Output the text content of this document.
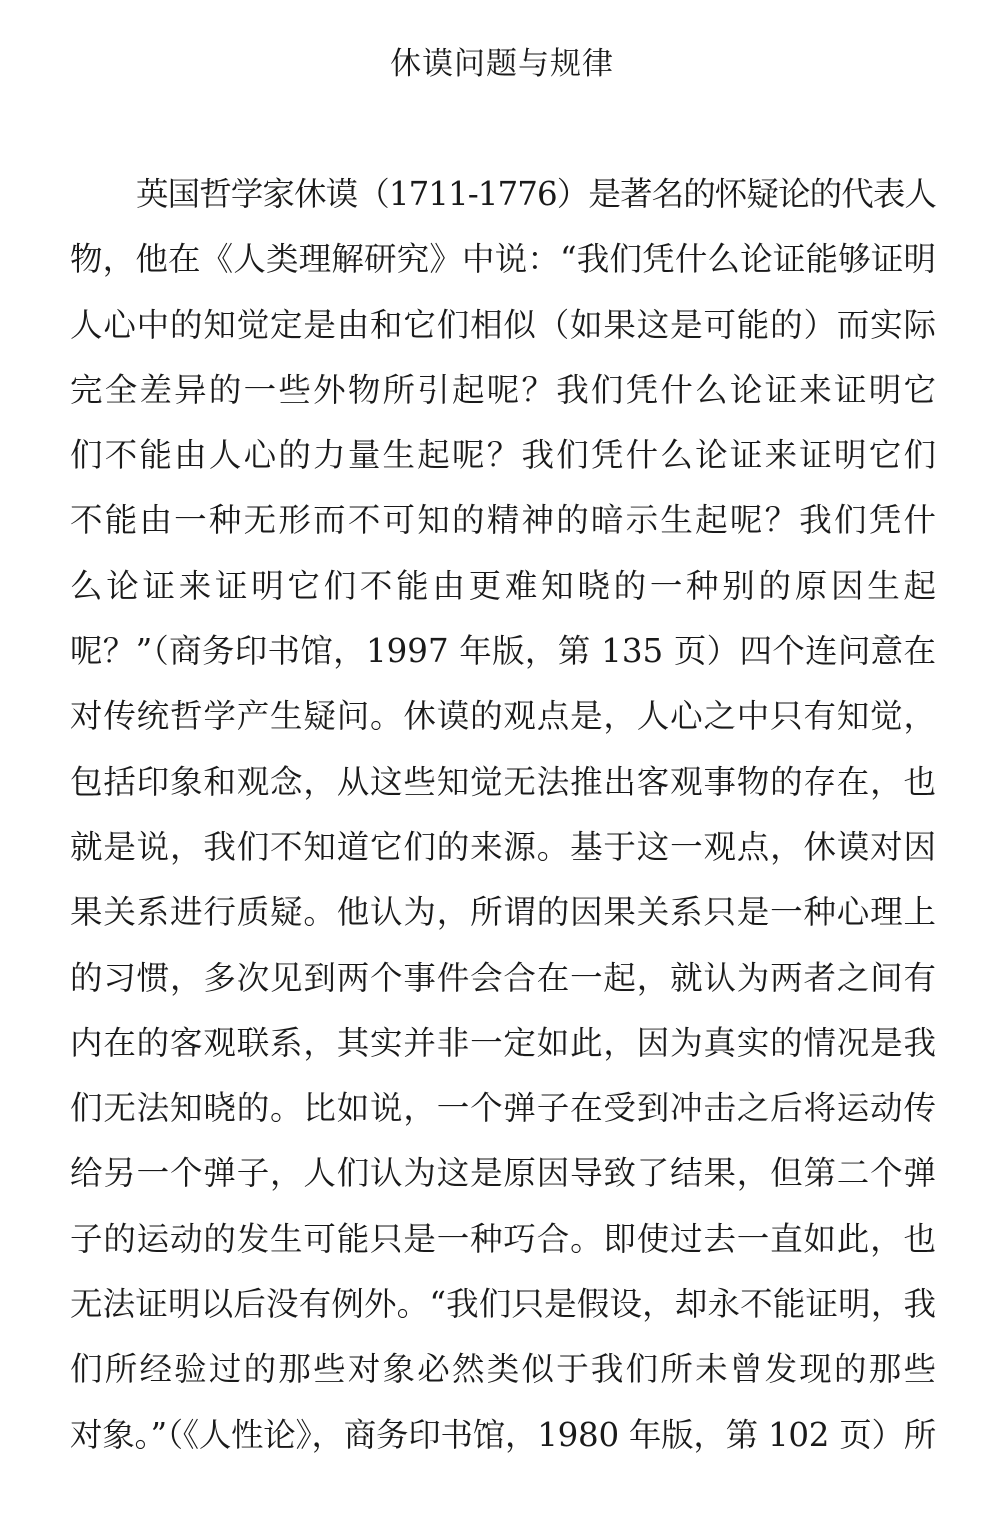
休谟问题与规律
英国哲学家休谟（1711-1776）是著名的怀疑论的代表人
物，他在《人类理解研究》中说：“我们凭什么论证能够证明
人心中的知觉定是由和它们相似（如果这是可能的）而实际
完全差异的一些外物所引起呢？我们凭什么论证来证明它
们不能由人心的力量生起呢？我们凭什么论证来证明它们
不能由一种无形而不可知的精神的暗示生起呢？我们凭什
么论证来证明它们不能由更难知晓的一种别的原因生起
呢？”（商务印书馆，1997 年版，第 135 页）四个连问意在
对传统哲学产生疑问。休谟的观点是，人心之中只有知觉，
包括印象和观念，从这些知觉无法推出客观事物的存在，也
就是说，我们不知道它们的来源。基于这一观点，休谟对因
果关系进行质疑。他认为，所谓的因果关系只是一种心理上
的习惯，多次见到两个事件会合在一起，就认为两者之间有
内在的客观联系，其实并非一定如此，因为真实的情况是我
们无法知晓的。比如说，一个弹子在受到冲击之后将运动传
给另一个弹子，人们认为这是原因导致了结果，但第二个弹
子的运动的发生可能只是一种巧合。即使过去一直如此，也
无法证明以后没有例外。“我们只是假设，却永不能证明，我
们所经验过的那些对象必然类似于我们所未曾发现的那些
对象。”（《人性论》，商务印书馆，1980 年版，第 102 页）所
